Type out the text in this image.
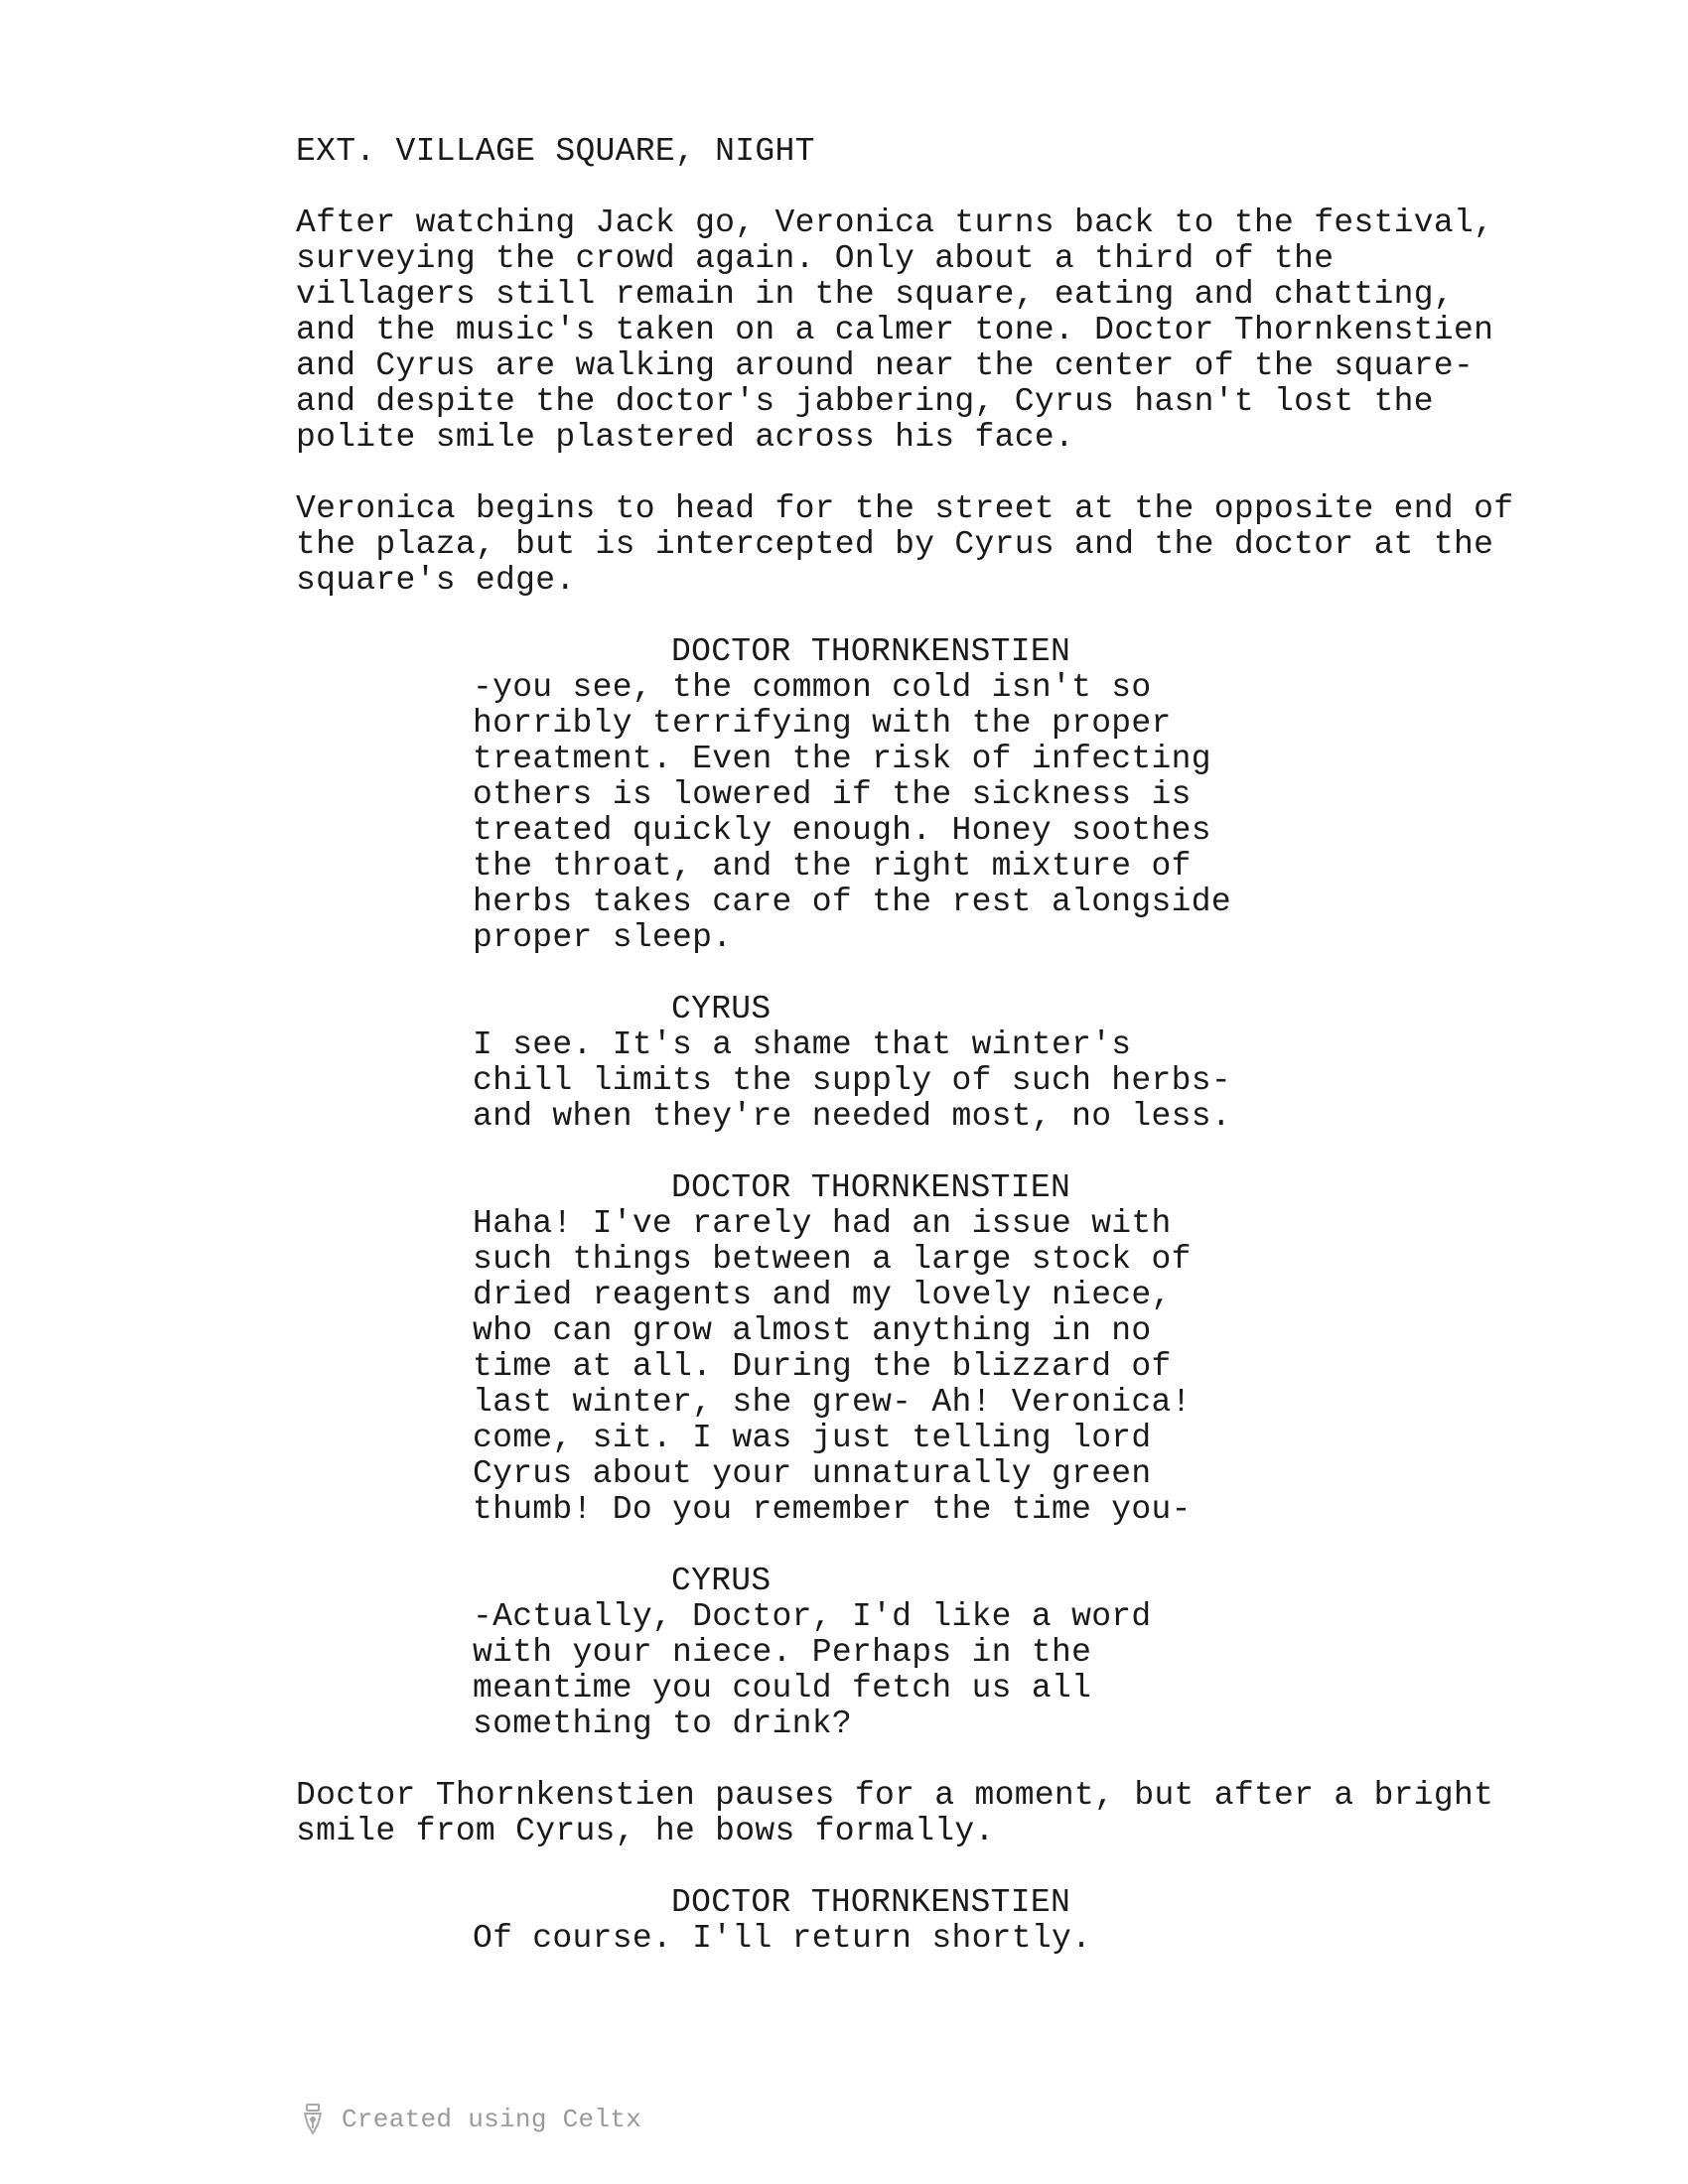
EXT. VILLAGE SQUARE, NIGHT
After watching Jack go, Veronica turns back to the festival,
surveying the crowd again. Only about a third of the
villagers still remain in the square, eating and chatting,
and the music's taken on a calmer tone. Doctor Thornkenstien
and Cyrus are walking around near the center of the square-
and despite the doctor's jabbering, Cyrus hasn't lost the
polite smile plastered across his face.
Veronica begins to head for the street at the opposite end of
the plaza, but is intercepted by Cyrus and the doctor at the
square's edge.
DOCTOR THORNKENSTIEN
-you see, the common cold isn't so
horribly terrifying with the proper
treatment. Even the risk of infecting
others is lowered if the sickness is
treated quickly enough. Honey soothes
the throat, and the right mixture of
herbs takes care of the rest alongside
proper sleep.
CYRUS
I see. It's a shame that winter's
chill limits the supply of such herbs-
and when they're needed most, no less.
DOCTOR THORNKENSTIEN
Haha! I've rarely had an issue with
such things between a large stock of
dried reagents and my lovely niece,
who can grow almost anything in no
time at all. During the blizzard of
last winter, she grew- Ah! Veronica!
come, sit. I was just telling lord
Cyrus about your unnaturally green
thumb! Do you remember the time you-
CYRUS
-Actually, Doctor, I'd like a word
with your niece. Perhaps in the
meantime you could fetch us all
something to drink?
Doctor Thornkenstien pauses for a moment, but after a bright
smile from Cyrus, he bows formally.
DOCTOR THORNKENSTIEN
Of course. I'll return shortly.
Created using Celtx
